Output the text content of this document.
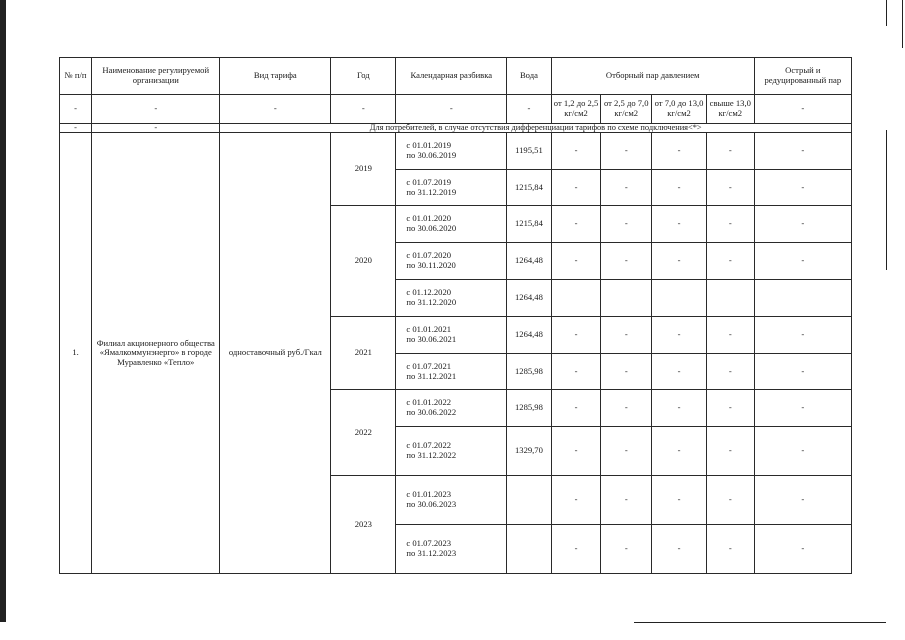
№ п/п	Наименование регулируемой организации	Вид тарифа	Год	Календарная разбивка	Вода	Отборный пар давлением				Острый и редуцированный пар
-	-	-	-	-	-	от 1,2 до 2,5 кг/см2	от 2,5 до 7,0 кг/см2	от 7,0 до 13,0 кг/см2	свыше 13,0 кг/см2	-
-	-	Для потребителей, в случае отсутствия дифференциации тарифов по схеме подключения<*>								
1.	Филиал акционерного общества «Ямалкоммунэнерго» в городе Муравленко «Тепло»	одноставочный руб./Гкал	2019	с 01.01.2019
по 30.06.2019	1195,51	-	-	-	-	-

				с 01.07.2019
по 31.12.2019	1215,84	-	-	-	-	-
			2020	с 01.01.2020
по 30.06.2020	1215,84	-	-	-	-	-

				с 01.07.2020
по 30.11.2020	1264,48	-	-	-	-	-

				с 01.12.2020
по 31.12.2020	1264,48					
			2021	с 01.01.2021
по 30.06.2021	1264,48	-	-	-	-	-

				с 01.07.2021
по 31.12.2021	1285,98	-	-	-	-	-
			2022	с 01.01.2022
по 30.06.2022	1285,98	-	-	-	-	-

				с 01.07.2022
по 31.12.2022	1329,70	-	-	-	-	-
			2023	с 01.01.2023
по 30.06.2023		-	-	-	-	-

				с 01.07.2023
по 31.12.2023		-	-	-	-	-
